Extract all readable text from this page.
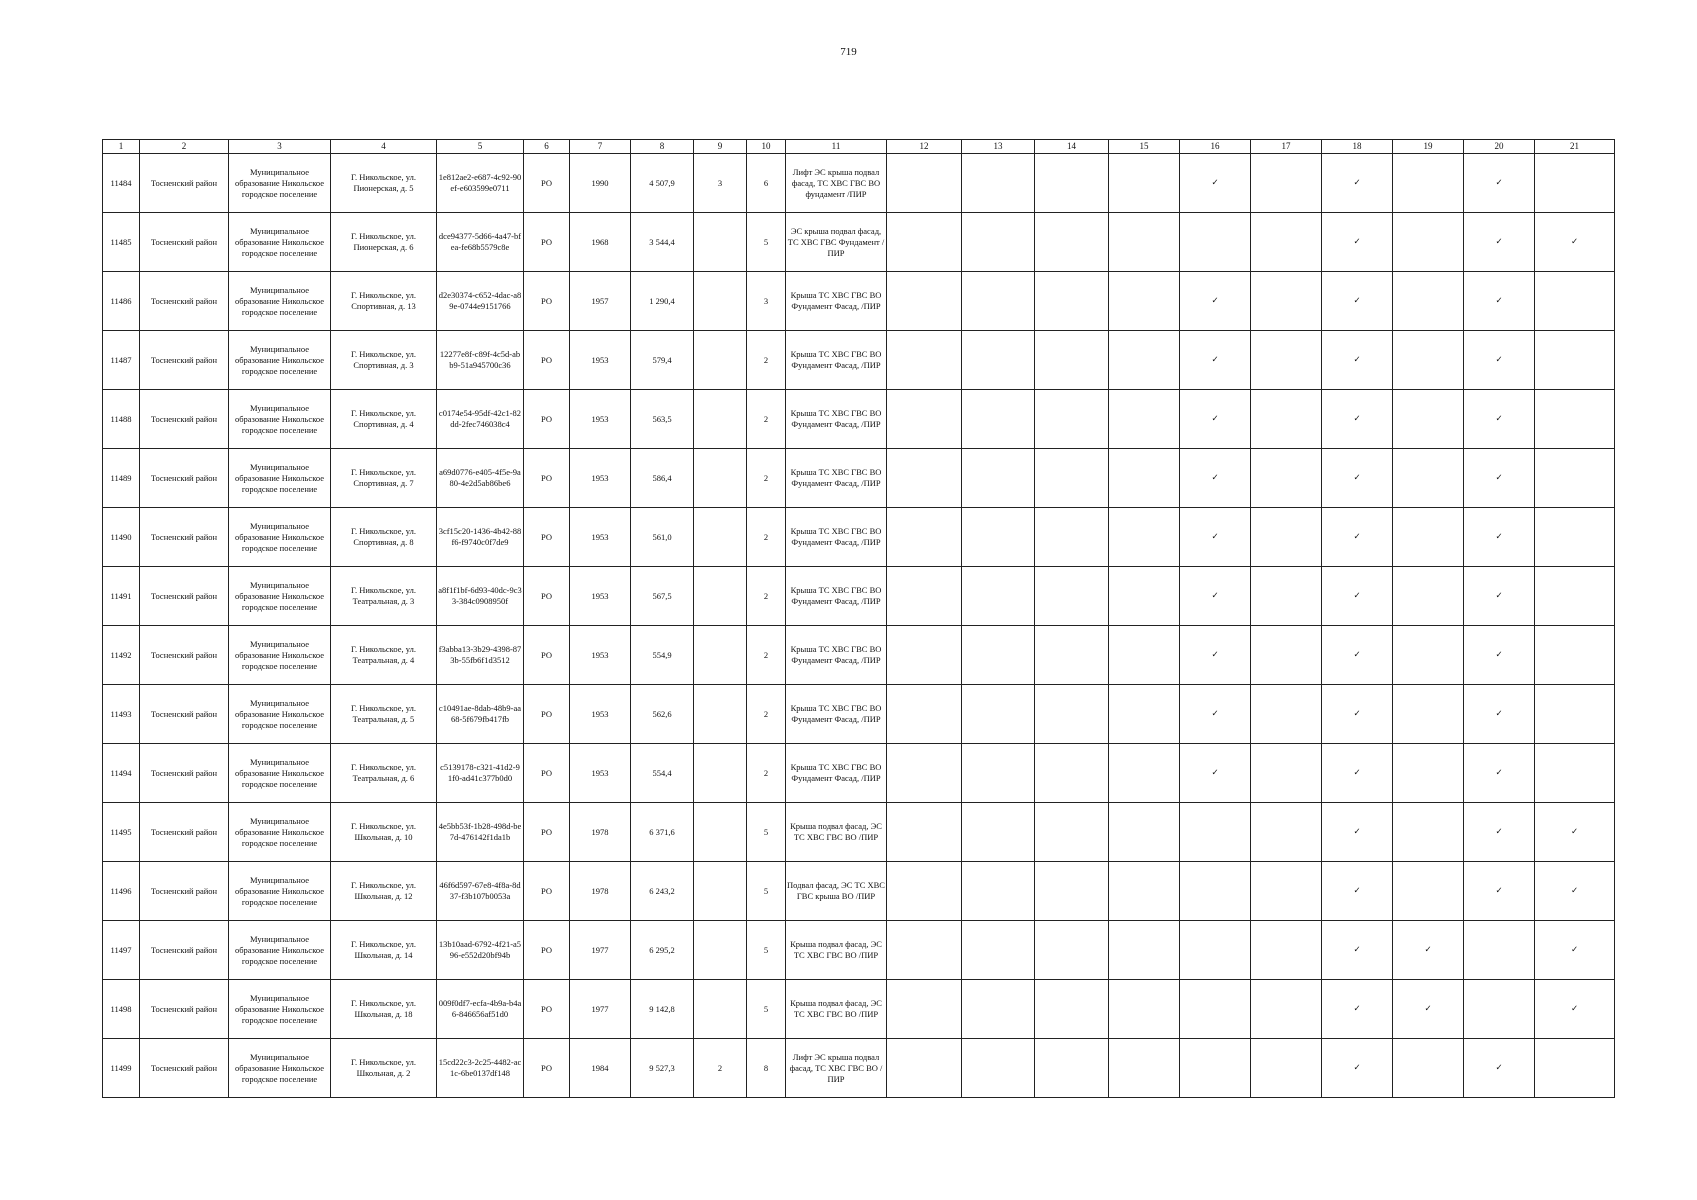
719
1	2	3	4	5	6	7	8	9	10	11	12	13	14	15	16	17	18	19	20	21	
11484	Тосненский район	Муниципальное образование Никольское городское поселение	Г. Никольское, ул. Пионерская, д. 5	1e812ae2-e687-4c92-90ef-e603599e0711	РО	1990	4 507,9	3	6	Лифт ЭС крыша подвал фасад, ТС ХВС ГВС ВО фундамент /ПИР					✓		✓		✓		
11485	Тосненский район	Муниципальное образование Никольское городское поселение	Г. Никольское, ул. Пионерская, д. 6	dce94377-5d66-4a47-bfea-fe68b5579c8e	РО	1968	3 544,4		5	ЭС крыша подвал фасад, ТС ХВС ГВС Фундамент /ПИР							✓		✓	✓	
11486	Тосненский район	Муниципальное образование Никольское городское поселение	Г. Никольское, ул. Спортивная, д. 13	d2e30374-c652-4dac-a89e-0744e9151766	РО	1957	1 290,4		3	Крыша ТС ХВС ГВС ВО Фундамент Фасад, /ПИР					✓		✓		✓		
11487	Тосненский район	Муниципальное образование Никольское городское поселение	Г. Никольское, ул. Спортивная, д. 3	12277e8f-c89f-4c5d-abb9-51a945700c36	РО	1953	579,4		2	Крыша ТС ХВС ГВС ВО Фундамент Фасад, /ПИР					✓		✓		✓		
11488	Тосненский район	Муниципальное образование Никольское городское поселение	Г. Никольское, ул. Спортивная, д. 4	c0174e54-95df-42c1-82dd-2fec746038c4	РО	1953	563,5		2	Крыша ТС ХВС ГВС ВО Фундамент Фасад, /ПИР					✓		✓		✓		
11489	Тосненский район	Муниципальное образование Никольское городское поселение	Г. Никольское, ул. Спортивная, д. 7	a69d0776-e405-4f5e-9a80-4e2d5ab86be6	РО	1953	586,4		2	Крыша ТС ХВС ГВС ВО Фундамент Фасад, /ПИР					✓		✓		✓		
11490	Тосненский район	Муниципальное образование Никольское городское поселение	Г. Никольское, ул. Спортивная, д. 8	3cf15c20-1436-4b42-88f6-f9740c0f7de9	РО	1953	561,0		2	Крыша ТС ХВС ГВС ВО Фундамент Фасад, /ПИР					✓		✓		✓		
11491	Тосненский район	Муниципальное образование Никольское городское поселение	Г. Никольское, ул. Театральная, д. 3	a8f1f1bf-6d93-40dc-9c33-384c0908950f	РО	1953	567,5		2	Крыша ТС ХВС ГВС ВО Фундамент Фасад, /ПИР					✓		✓		✓		
11492	Тосненский район	Муниципальное образование Никольское городское поселение	Г. Никольское, ул. Театральная, д. 4	f3abba13-3b29-4398-873b-55fb6f1d3512	РО	1953	554,9		2	Крыша ТС ХВС ГВС ВО Фундамент Фасад, /ПИР					✓		✓		✓		
11493	Тосненский район	Муниципальное образование Никольское городское поселение	Г. Никольское, ул. Театральная, д. 5	c10491ae-8dab-48b9-aa68-5f679fb417fb	РО	1953	562,6		2	Крыша ТС ХВС ГВС ВО Фундамент Фасад, /ПИР					✓		✓		✓		
11494	Тосненский район	Муниципальное образование Никольское городское поселение	Г. Никольское, ул. Театральная, д. 6	c5139178-c321-41d2-91f0-ad41c377b0d0	РО	1953	554,4		2	Крыша ТС ХВС ГВС ВО Фундамент Фасад, /ПИР					✓		✓		✓		
11495	Тосненский район	Муниципальное образование Никольское городское поселение	Г. Никольское, ул. Школьная, д. 10	4e5bb53f-1b28-498d-be7d-476142f1da1b	РО	1978	6 371,6		5	Крыша подвал фасад, ЭС ТС ХВС ГВС ВО /ПИР							✓		✓	✓	
11496	Тосненский район	Муниципальное образование Никольское городское поселение	Г. Никольское, ул. Школьная, д. 12	46f6d597-67e8-4f8a-8d37-f3b107b0053a	РО	1978	6 243,2		5	Подвал фасад, ЭС ТС ХВС ГВС крыша ВО /ПИР							✓		✓	✓	
11497	Тосненский район	Муниципальное образование Никольское городское поселение	Г. Никольское, ул. Школьная, д. 14	13b10aad-6792-4f21-a596-e552d20bf94b	РО	1977	6 295,2		5	Крыша подвал фасад, ЭС ТС ХВС ГВС ВО /ПИР							✓	✓		✓	
11498	Тосненский район	Муниципальное образование Никольское городское поселение	Г. Никольское, ул. Школьная, д. 18	009f0df7-ecfa-4b9a-b4a6-846656af51d0	РО	1977	9 142,8		5	Крыша подвал фасад, ЭС ТС ХВС ГВС ВО /ПИР							✓	✓		✓	
11499	Тосненский район	Муниципальное образование Никольское городское поселение	Г. Никольское, ул. Школьная, д. 2	15cd22c3-2c25-4482-ac1c-6be0137df148	РО	1984	9 527,3	2	8	Лифт ЭС крыша подвал фасад, ТС ХВС ГВС ВО /ПИР							✓		✓		
